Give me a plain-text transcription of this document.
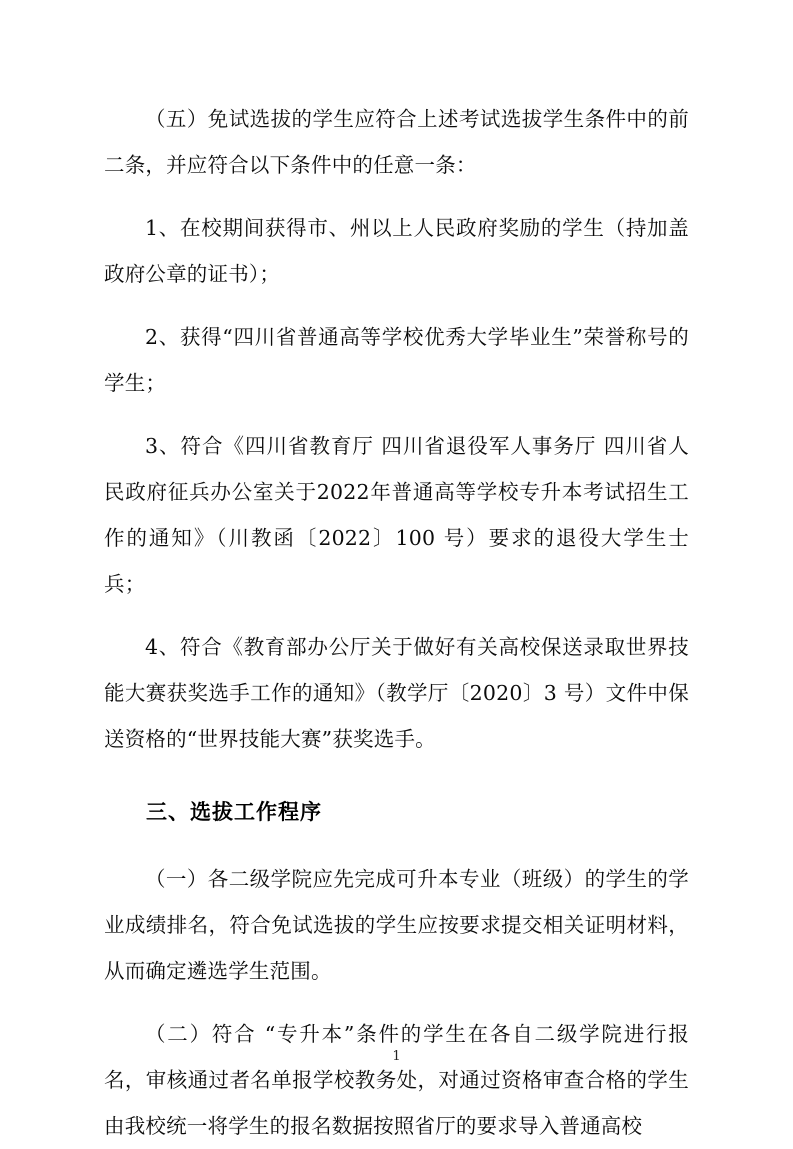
（五）免试选拔的学生应符合上述考试选拔学生条件中的前二条，并应符合以下条件中的任意一条：

1、在校期间获得市、州以上人民政府奖励的学生（持加盖政府公章的证书）；

2、获得“四川省普通高等学校优秀大学毕业生”荣誉称号的学生；

3、符合《四川省教育厅 四川省退役军人事务厅 四川省人民政府征兵办公室关于2022年普通高等学校专升本考试招生工作的通知》（川教函〔2022〕100 号）要求的退役大学生士兵；

4、符合《教育部办公厅关于做好有关高校保送录取世界技能大赛获奖选手工作的通知》（教学厅〔2020〕3 号）文件中保送资格的“世界技能大赛”获奖选手。

三、选拔工作程序

（一）各二级学院应先完成可升本专业（班级）的学生的学业成绩排名，符合免试选拔的学生应按要求提交相关证明材料，从而确定遴选学生范围。

（二）符合 “专升本”条件的学生在各自二级学院进行报名，审核通过者名单报学校教务处，对通过资格审查合格的学生由我校统一将学生的报名数据按照省厅的要求导入普通高校

1
